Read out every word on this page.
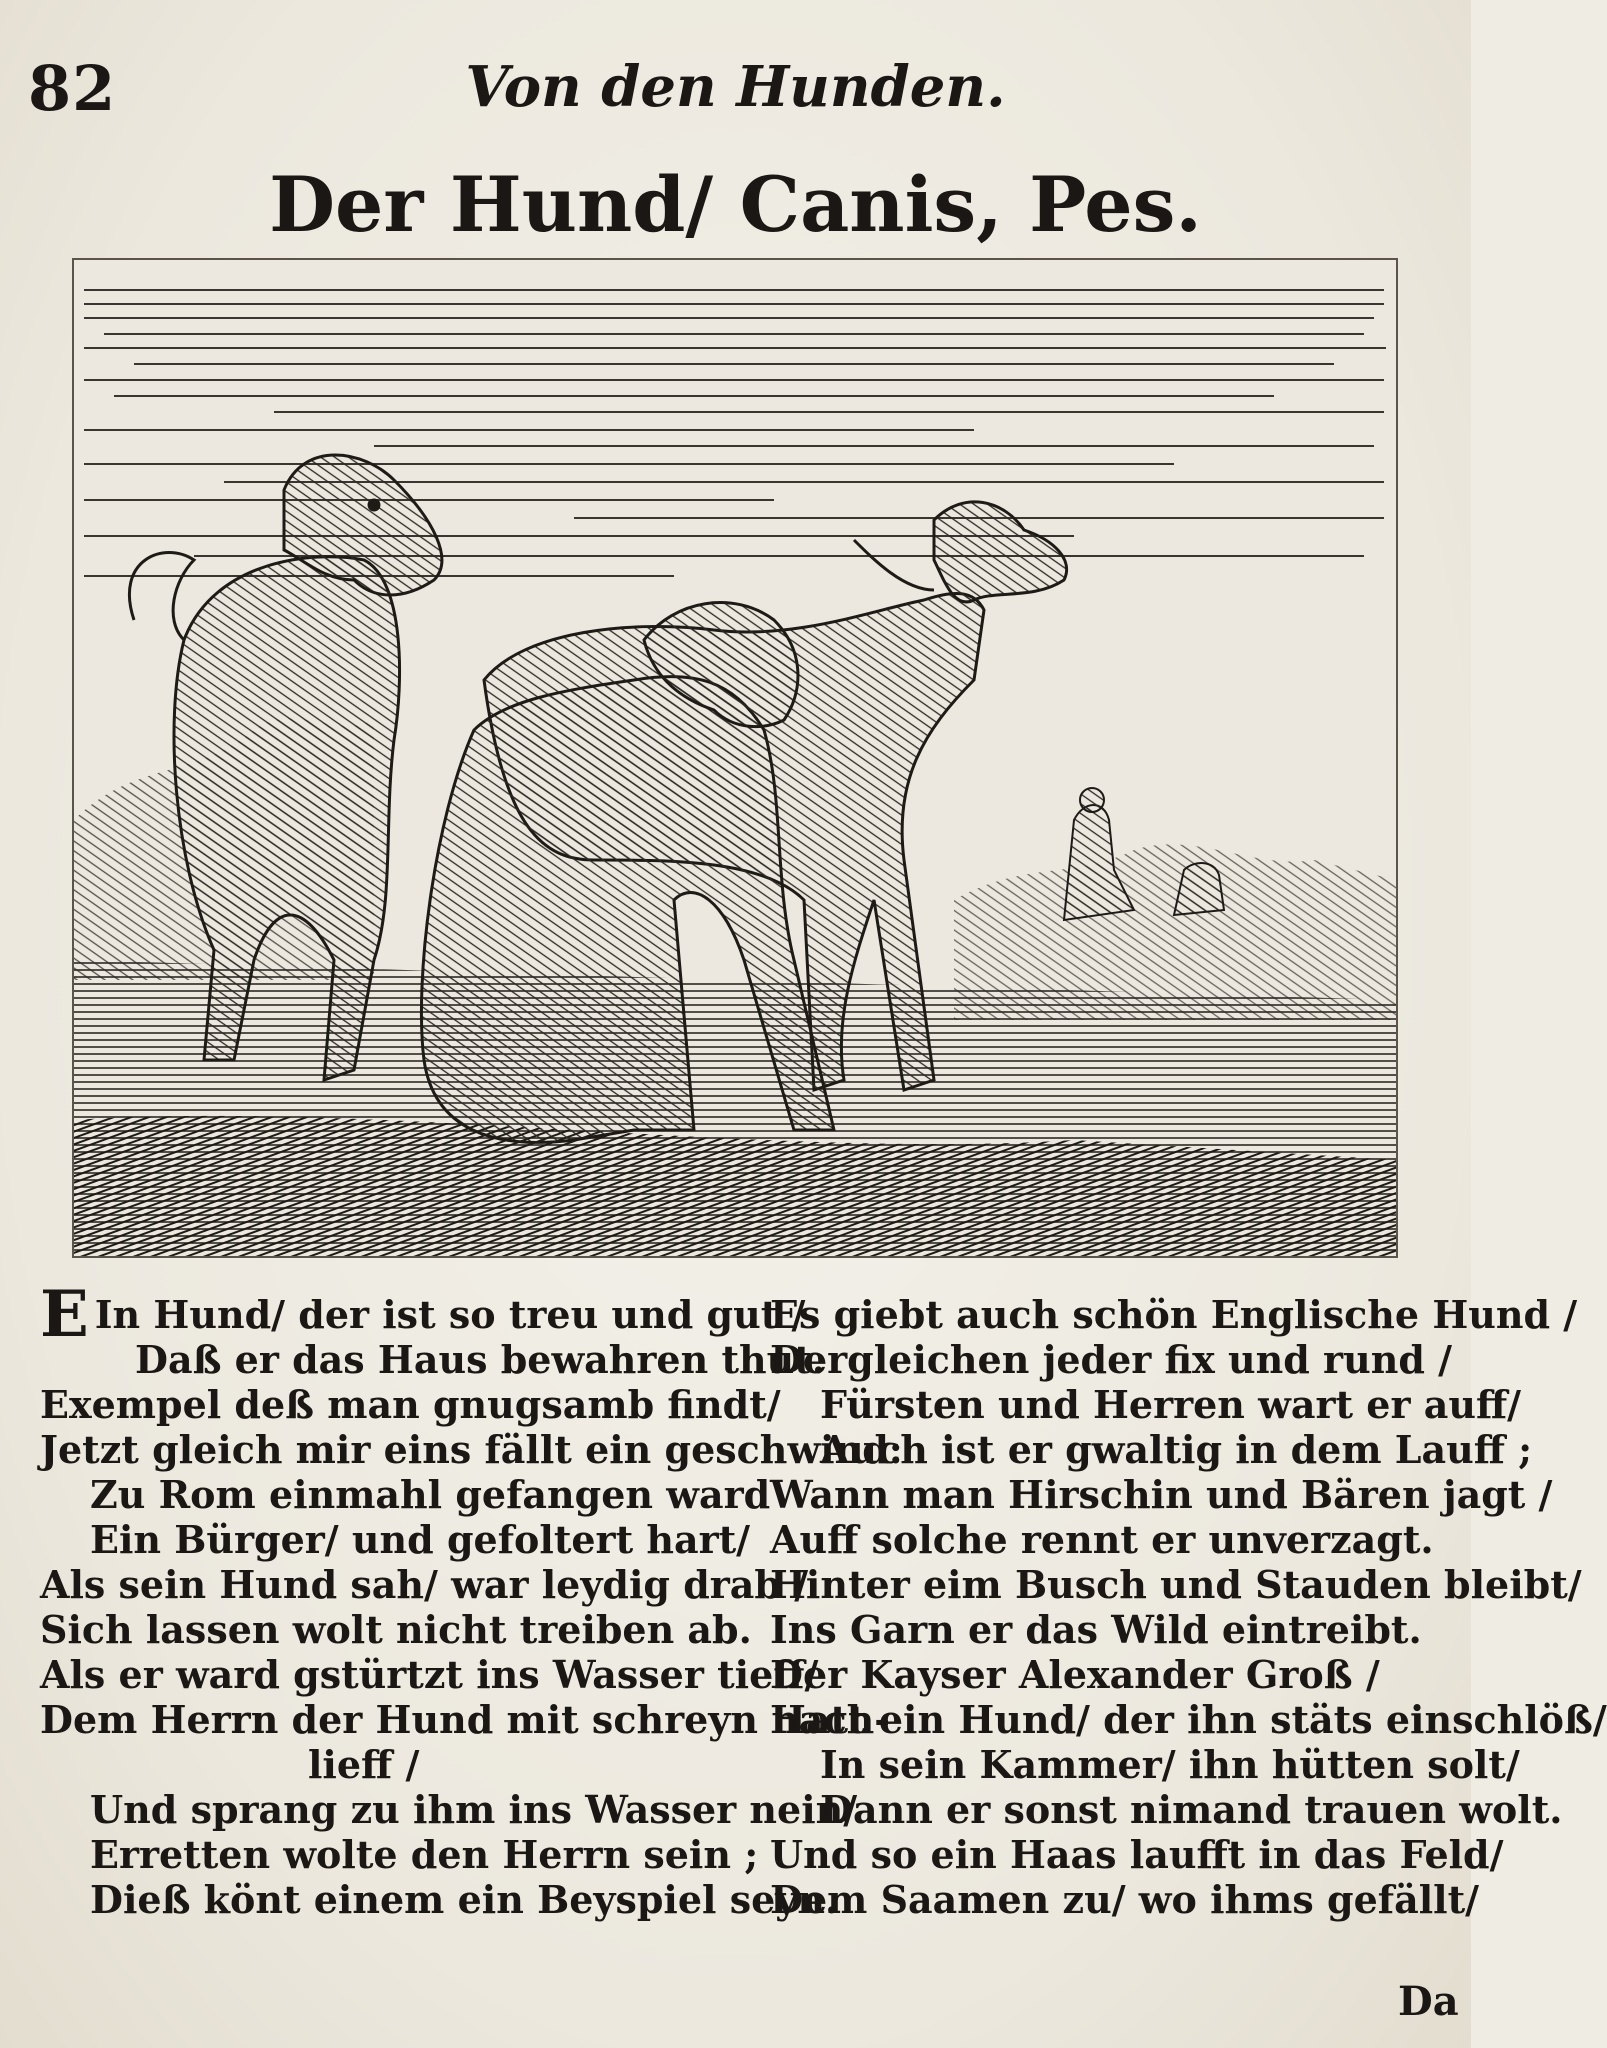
82	Von den Hunden.
Der Hund/ Canis, Pes.
E In Hund/ der ist so treu und gut /
Daß er das Haus bewahren thut.
Exempel deß man gnugsamb findt/
Jetzt gleich mir eins fällt ein geschwind:
Zu Rom einmahl gefangen ward
Ein Bürger/ und gefoltert hart/
Als sein Hund sah/ war leydig drab /
Sich lassen wolt nicht treiben ab.
Als er ward gstürtzt ins Wasser tieff/
Dem Herrn der Hund mit schreyn nach-
lieff /
Und sprang zu ihm ins Wasser nein/
Erretten wolte den Herrn sein ;
Dieß könt einem ein Beyspiel seyn.
Es giebt auch schön Englische Hund /
Dergleichen jeder fix und rund /
Fürsten und Herren wart er auff/
Auch ist er gwaltig in dem Lauff ;
Wann man Hirschin und Bären jagt /
Auff solche rennt er unverzagt.
Hinter eim Busch und Stauden bleibt/
Ins Garn er das Wild eintreibt.
Der Kayser Alexander Groß /
Hatt ein Hund/ der ihn stäts einschlöß/
In sein Kammer/ ihn hütten solt/
Dann er sonst nimand trauen wolt.
Und so ein Haas laufft in das Feld/
Dem Saamen zu/ wo ihms gefällt/
Da
